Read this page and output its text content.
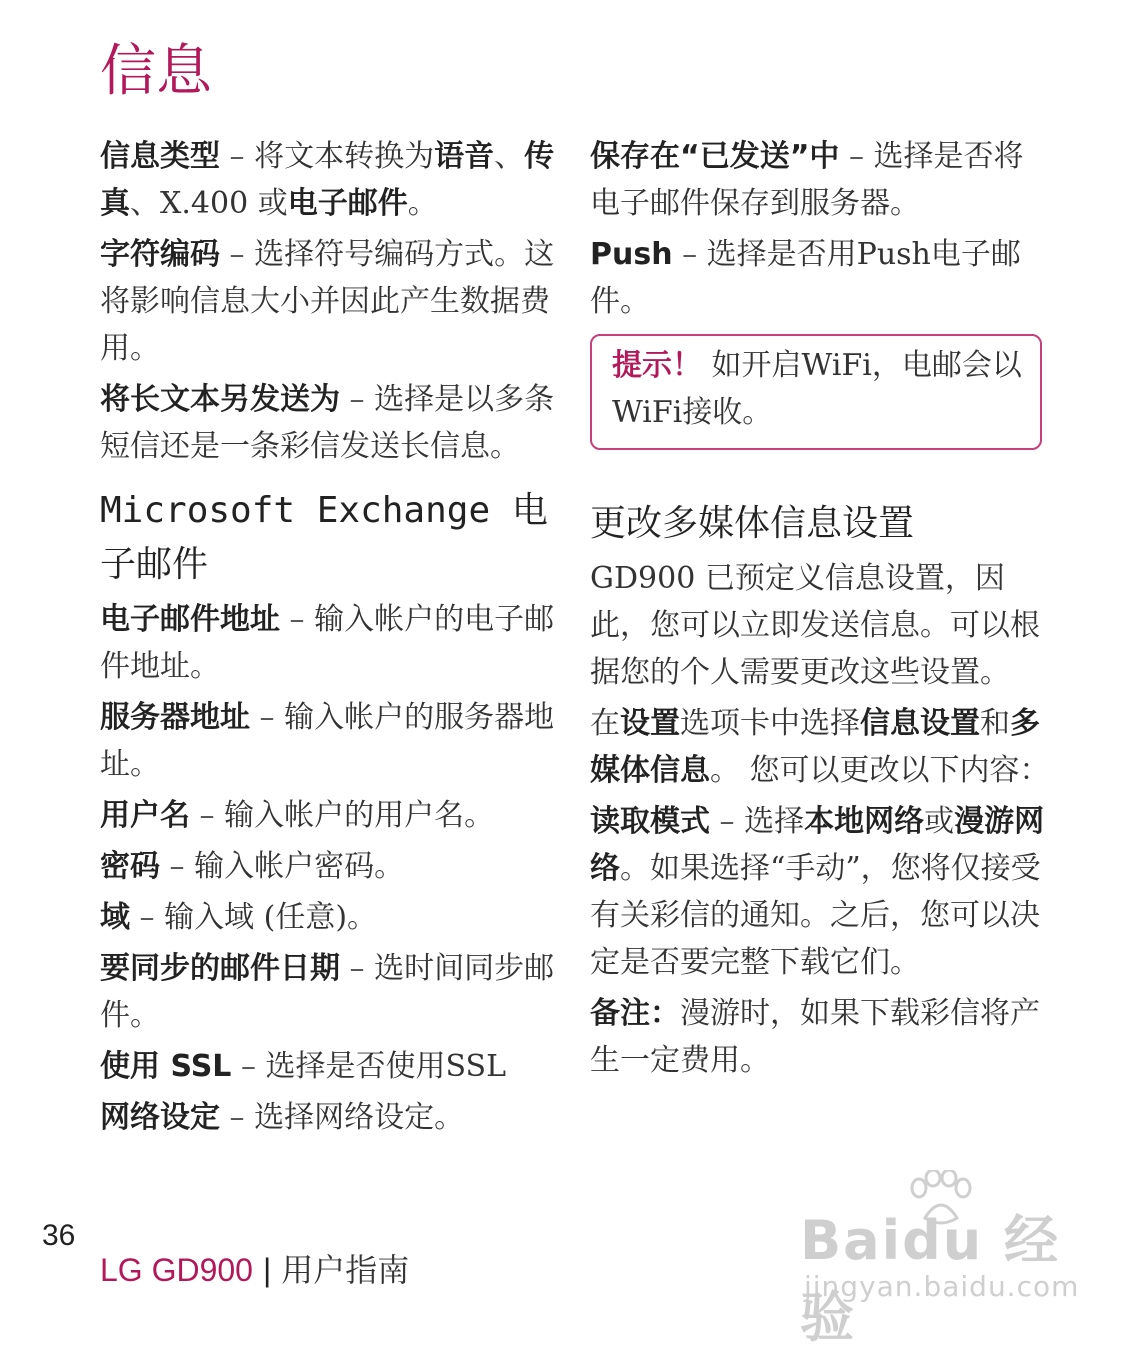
信息
信息类型 – 将文本转换为语音、传真、X.400 或电子邮件。
字符编码 – 选择符号编码方式。这将影响信息大小并因此产生数据费用。
将长文本另发送为 – 选择是以多条短信还是一条彩信发送长信息。
Microsoft Exchange 电子邮件
电子邮件地址 – 输入帐户的电子邮件地址。
服务器地址 – 输入帐户的服务器地址。
用户名 – 输入帐户的用户名。
密码 – 输入帐户密码。
域 – 输入域 (任意)。
要同步的邮件日期 – 选时间同步邮件。
使用 SSL – 选择是否使用SSL
网络设定 – 选择网络设定。
保存在“已发送”中 – 选择是否将电子邮件保存到服务器。
Push – 选择是否用Push电子邮件。
提示！ 如开启WiFi，电邮会以WiFi接收。
更改多媒体信息设置
GD900 已预定义信息设置，因此，您可以立即发送信息。可以根据您的个人需要更改这些设置。
在设置选项卡中选择信息设置和多媒体信息。 您可以更改以下内容：
读取模式 – 选择本地网络或漫游网络。如果选择“手动”，您将仅接受有关彩信的通知。之后，您可以决定是否要完整下载它们。
备注：漫游时，如果下载彩信将产生一定费用。
36
LG GD900 | 用户指南	Baidu 经验
jingyan.baidu.com
